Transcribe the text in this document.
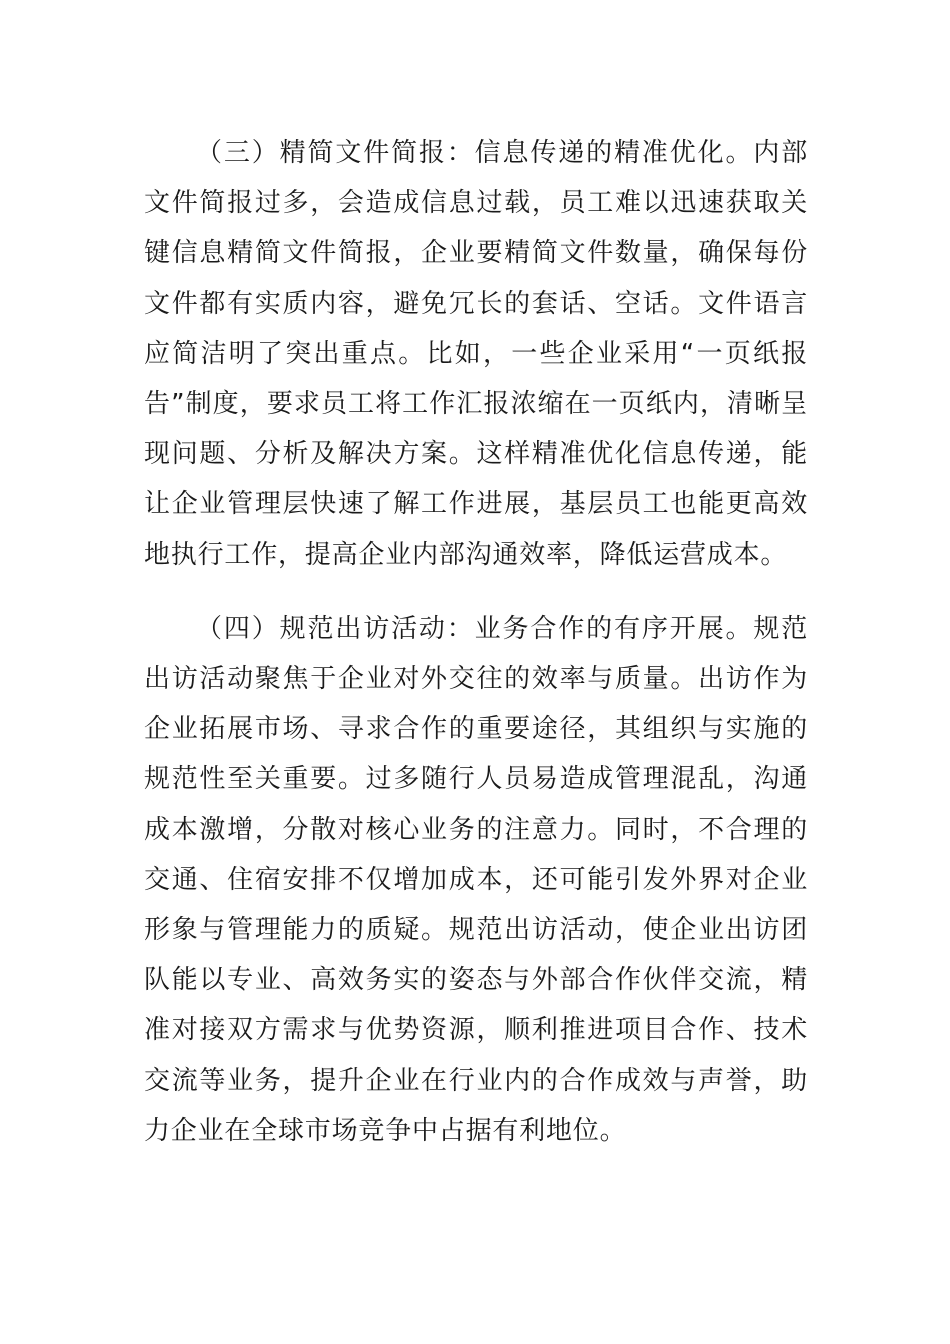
（三）精简文件简报：信息传递的精准优化。内部文件简报过多，会造成信息过载，员工难以迅速获取关键信息精简文件简报，企业要精简文件数量，确保每份文件都有实质内容，避免冗长的套话、空话。文件语言应简洁明了突出重点。比如，一些企业采用“一页纸报告”制度，要求员工将工作汇报浓缩在一页纸内，清晰呈现问题、分析及解决方案。这样精准优化信息传递，能让企业管理层快速了解工作进展，基层员工也能更高效地执行工作，提高企业内部沟通效率，降低运营成本。

（四）规范出访活动：业务合作的有序开展。规范出访活动聚焦于企业对外交往的效率与质量。出访作为企业拓展市场、寻求合作的重要途径，其组织与实施的规范性至关重要。过多随行人员易造成管理混乱，沟通成本激增，分散对核心业务的注意力。同时，不合理的交通、住宿安排不仅增加成本，还可能引发外界对企业形象与管理能力的质疑。规范出访活动，使企业出访团队能以专业、高效务实的姿态与外部合作伙伴交流，精准对接双方需求与优势资源，顺利推进项目合作、技术交流等业务，提升企业在行业内的合作成效与声誉，助力企业在全球市场竞争中占据有利地位。
